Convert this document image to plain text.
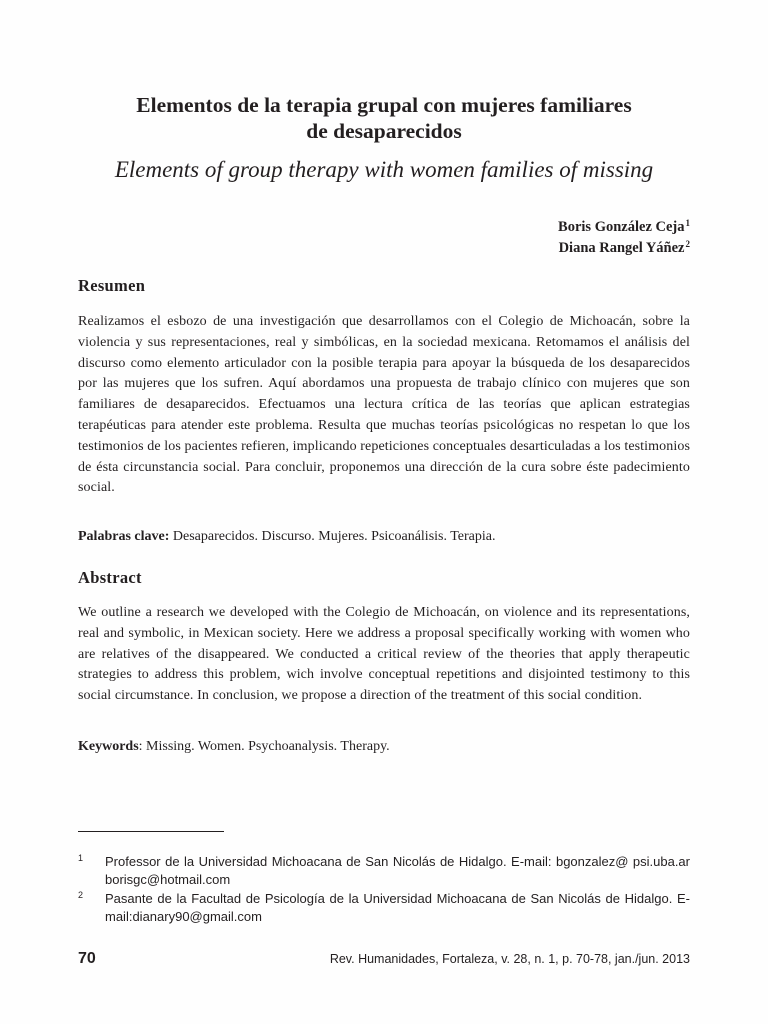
Elementos de la terapia grupal con mujeres familiares
de desaparecidos
Elements of group therapy with women families of missing
Boris González Ceja$^1$
Diana Rangel Yáñez$^2$
Resumen
Realizamos el esbozo de una investigación que desarrollamos con el Colegio de Michoacán, sobre la violencia y sus representaciones, real y simbólicas, en la sociedad mexicana. Retomamos el análisis del discurso como elemento articulador con la posible terapia para apoyar la búsqueda de los desaparecidos por las mujeres que los sufren. Aquí abordamos una propuesta de trabajo clínico con mujeres que son familiares de desaparecidos. Efectuamos una lectura crítica de las teorías que aplican estrategias terapéuticas para atender este problema. Resulta que muchas teorías psicológicas no respetan lo que los testimonios de los pacientes refieren, implicando repeticiones conceptuales desarticuladas a los testimonios de ésta circunstancia social. Para concluir, proponemos una dirección de la cura sobre éste padecimiento social.
Palabras clave: Desaparecidos. Discurso. Mujeres. Psicoanálisis. Terapia.
Abstract
We outline a research we developed with the Colegio de Michoacán, on violence and its representations, real and symbolic, in Mexican society. Here we address a proposal specifically working with women who are relatives of the disappeared. We conducted a critical review of the theories that apply therapeutic strategies to address this problem, wich involve conceptual repetitions and disjointed testimony to this social circumstance. In conclusion, we propose a direction of the treatment of this social condition.
Keywords: Missing. Women. Psychoanalysis. Therapy.
1 Professor de la Universidad Michoacana de San Nicolás de Hidalgo. E-mail: bgonzalez@ psi.uba.ar borisgc@hotmail.com
2 Pasante de la Facultad de Psicología de la Universidad Michoacana de San Nicolás de Hidalgo. E-mail:dianary90@gmail.com
70	Rev. Humanidades, Fortaleza, v. 28, n. 1, p. 70-78, jan./jun. 2013
